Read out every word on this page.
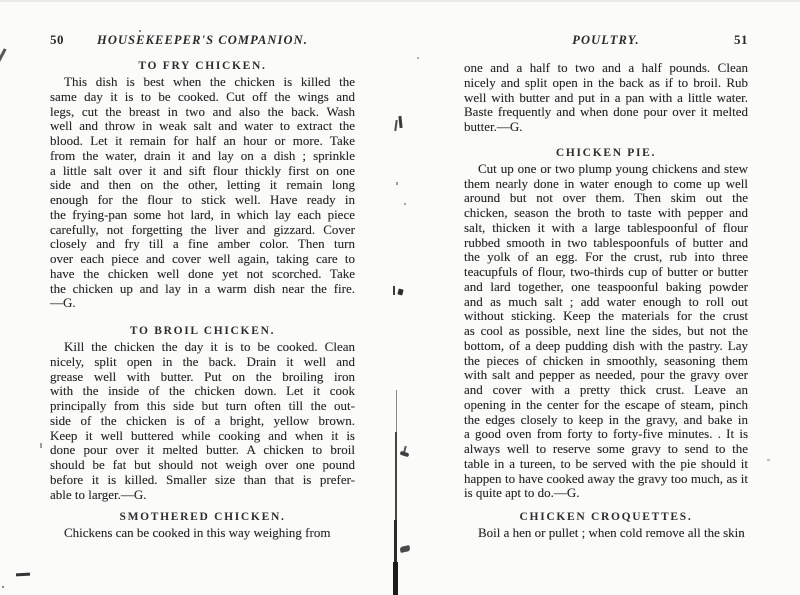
50	HOUSEKEEPER'S COMPANION.
TO FRY CHICKEN.
This dish is best when the chicken is killed the
same day it is to be cooked. Cut off the wings and
legs, cut the breast in two and also the back. Wash
well and throw in weak salt and water to extract the
blood. Let it remain for half an hour or more. Take
from the water, drain it and lay on a dish ; sprinkle
a little salt over it and sift flour thickly first on one
side and then on the other, letting it remain long
enough for the flour to stick well. Have ready in
the frying-pan some hot lard, in which lay each piece
carefully, not forgetting the liver and gizzard. Cover
closely and fry till a fine amber color. Then turn
over each piece and cover well again, taking care to
have the chicken well done yet not scorched. Take
the chicken up and lay in a warm dish near the fire.
—G.
TO BROIL CHICKEN.
Kill the chicken the day it is to be cooked. Clean
nicely, split open in the back. Drain it well and
grease well with butter. Put on the broiling iron
with the inside of the chicken down. Let it cook
principally from this side but turn often till the out-
side of the chicken is of a bright, yellow brown.
Keep it well buttered while cooking and when it is
done pour over it melted butter. A chicken to broil
should be fat but should not weigh over one pound
before it is killed. Smaller size than that is prefer-
able to larger.—G.
SMOTHERED CHICKEN.
Chickens can be cooked in this way weighing from
POULTRY.	51
one and a half to two and a half pounds. Clean
nicely and split open in the back as if to broil. Rub
well with butter and put in a pan with a little water.
Baste frequently and when done pour over it melted
butter.—G.
CHICKEN PIE.
Cut up one or two plump young chickens and stew
them nearly done in water enough to come up well
around but not over them. Then skim out the
chicken, season the broth to taste with pepper and
salt, thicken it with a large tablespoonful of flour
rubbed smooth in two tablespoonfuls of butter and
the yolk of an egg. For the crust, rub into three
teacupfuls of flour, two-thirds cup of butter or butter
and lard together, one teaspoonful baking powder
and as much salt ; add water enough to roll out
without sticking. Keep the materials for the crust
as cool as possible, next line the sides, but not the
bottom, of a deep pudding dish with the pastry. Lay
the pieces of chicken in smoothly, seasoning them
with salt and pepper as needed, pour the gravy over
and cover with a pretty thick crust. Leave an
opening in the center for the escape of steam, pinch
the edges closely to keep in the gravy, and bake in
a good oven from forty to forty-five minutes. . It is
always well to reserve some gravy to send to the
table in a tureen, to be served with the pie should it
happen to have cooked away the gravy too much, as it
is quite apt to do.—G.
CHICKEN CROQUETTES.
Boil a hen or pullet ; when cold remove all the skin
